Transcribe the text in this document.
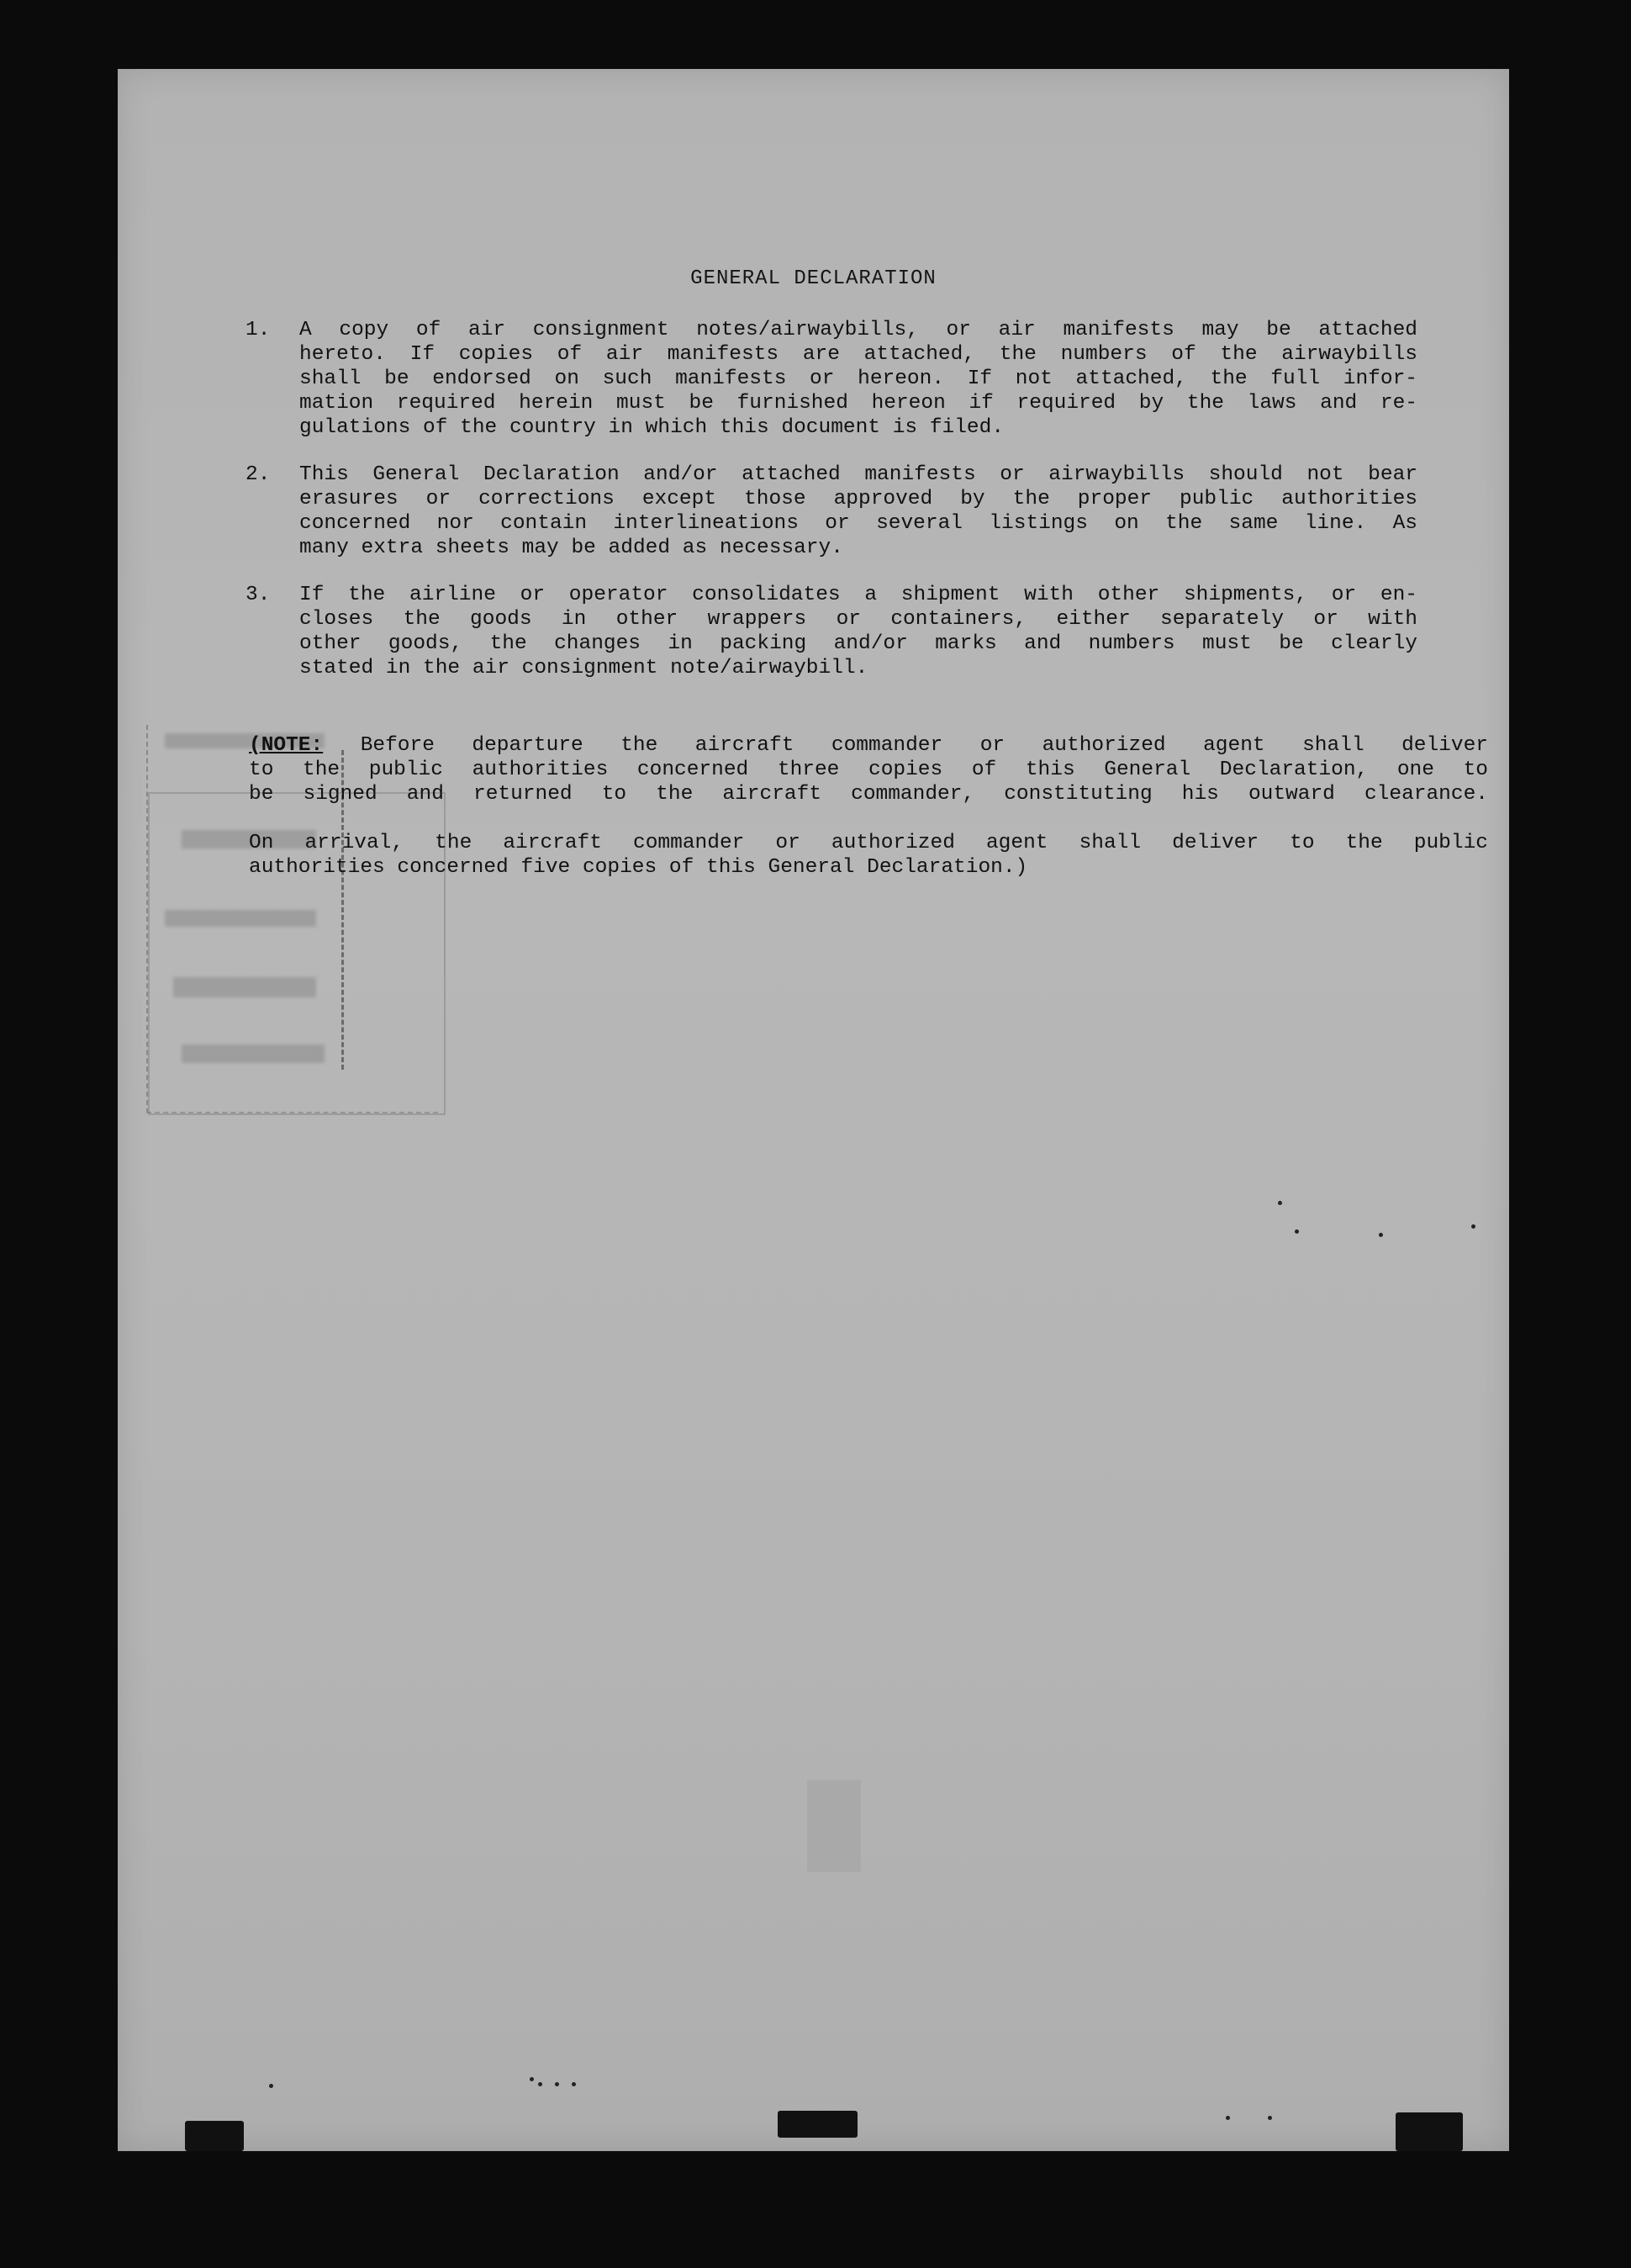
█
GENERAL DECLARATION
1. A copy of air consignment notes/airwaybills, or air manifests may be attached
hereto. If copies of air manifests are attached, the numbers of the airwaybills
shall be endorsed on such manifests or hereon. If not attached, the full infor-
mation required herein must be furnished hereon if required by the laws and re-
gulations of the country in which this document is filed.
2. This General Declaration and/or attached manifests or airwaybills should not bear
erasures or corrections except those approved by the proper public authorities
concerned nor contain interlineations or several listings on the same line. As
many extra sheets may be added as necessary.
3. If the airline or operator consolidates a shipment with other shipments, or en-
closes the goods in other wrappers or containers, either separately or with
other goods, the changes in packing and/or marks and numbers must be clearly
stated in the air consignment note/airwaybill.
(NOTE: Before departure the aircraft commander or authorized agent shall deliver
to the public authorities concerned three copies of this General Declaration, one to
be signed and returned to the aircraft commander, constituting his outward clearance.
On arrival, the aircraft commander or authorized agent shall deliver to the public
authorities concerned five copies of this General Declaration.)
